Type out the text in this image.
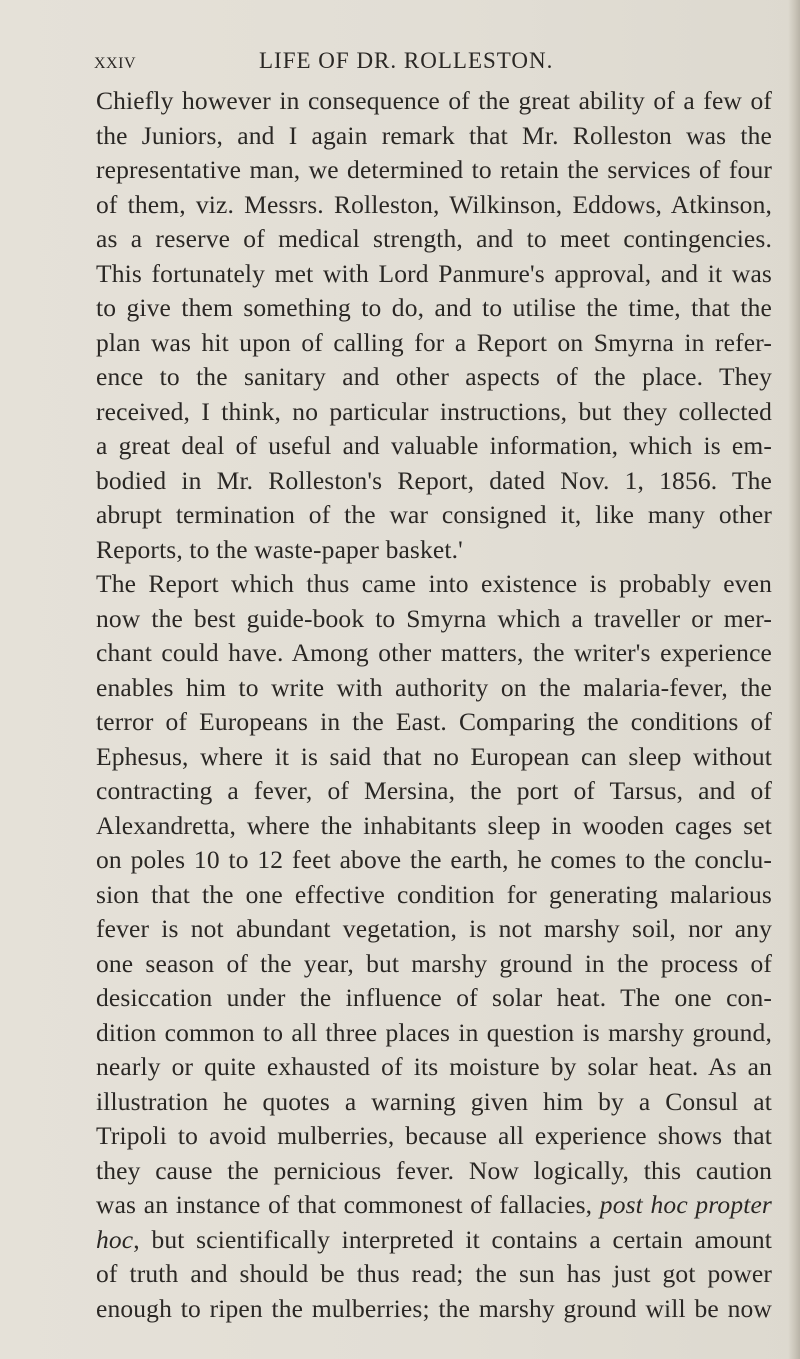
xxiv	LIFE OF DR. ROLLESTON.
Chiefly however in consequence of the great ability of a few of
the Juniors, and I again remark that Mr. Rolleston was the
representative man, we determined to retain the services of four
of them, viz. Messrs. Rolleston, Wilkinson, Eddows, Atkinson,
as a reserve of medical strength, and to meet contingencies.
This fortunately met with Lord Panmure's approval, and it was
to give them something to do, and to utilise the time, that the
plan was hit upon of calling for a Report on Smyrna in refer-
ence to the sanitary and other aspects of the place. They
received, I think, no particular instructions, but they collected
a great deal of useful and valuable information, which is em-
bodied in Mr. Rolleston's Report, dated Nov. 1, 1856. The
abrupt termination of the war consigned it, like many other
Reports, to the waste-paper basket.'
The Report which thus came into existence is probably even
now the best guide-book to Smyrna which a traveller or mer-
chant could have. Among other matters, the writer's experience
enables him to write with authority on the malaria-fever, the
terror of Europeans in the East. Comparing the conditions of
Ephesus, where it is said that no European can sleep without
contracting a fever, of Mersina, the port of Tarsus, and of
Alexandretta, where the inhabitants sleep in wooden cages set
on poles 10 to 12 feet above the earth, he comes to the conclu-
sion that the one effective condition for generating malarious
fever is not abundant vegetation, is not marshy soil, nor any
one season of the year, but marshy ground in the process of
desiccation under the influence of solar heat. The one con-
dition common to all three places in question is marshy ground,
nearly or quite exhausted of its moisture by solar heat. As an
illustration he quotes a warning given him by a Consul at
Tripoli to avoid mulberries, because all experience shows that
they cause the pernicious fever. Now logically, this caution
was an instance of that commonest of fallacies, post hoc propter
hoc, but scientifically interpreted it contains a certain amount
of truth and should be thus read; the sun has just got power
enough to ripen the mulberries; the marshy ground will be now
